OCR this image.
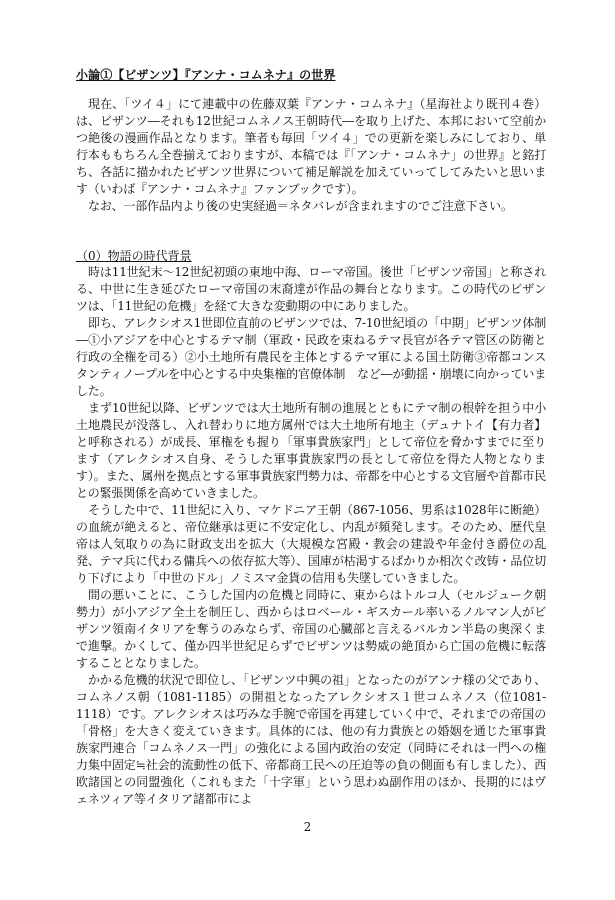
小論①【ビザンツ】『アンナ・コムネナ』の世界

現在、「ツイ４」にて連載中の佐藤双葉『アンナ・コムネナ』（星海社より既刊４巻）は、ビザンツ―それも12世紀コムネノス王朝時代―を取り上げた、本邦において空前かつ絶後の漫画作品となります。筆者も毎回「ツイ４」での更新を楽しみにしており、単行本ももちろん全巻揃えておりますが、本稿では『「アンナ・コムネナ」の世界』と銘打ち、各話に描かれたビザンツ世界について補足解説を加えていってしてみたいと思います（いわば『アンナ・コムネナ』ファンブックです）。

なお、一部作品内より後の史実経過＝ネタバレが含まれますのでご注意下さい。

（0）物語の時代背景

時は11世紀末〜12世紀初頭の東地中海、ローマ帝国。後世「ビザンツ帝国」と称される、中世に生き延びたローマ帝国の末裔達が作品の舞台となります。この時代のビザンツは、「11世紀の危機」を経て大きな変動期の中にありました。

即ち、アレクシオス1世即位直前のビザンツでは、7-10世紀頃の「中期」ビザンツ体制―①小アジアを中心とするテマ制（軍政・民政を束ねるテマ長官が各テマ管区の防衛と行政の全権を司る）②小土地所有農民を主体とするテマ軍による国土防衛③帝都コンスタンティノープルを中心とする中央集権的官僚体制　など―が動揺・崩壊に向かっていました。

まず10世紀以降、ビザンツでは大土地所有制の進展とともにテマ制の根幹を担う中小土地農民が没落し、入れ替わりに地方属州では大土地所有地主（デュナトイ【有力者】と呼称される）が成長、軍権をも握り「軍事貴族家門」として帝位を脅かすまでに至ります（アレクシオス自身、そうした軍事貴族家門の長として帝位を得た人物となります）。また、属州を拠点とする軍事貴族家門勢力は、帝都を中心とする文官層や首都市民との緊張関係を高めていきました。

そうした中で、11世紀に入り、マケドニア王朝（867-1056、男系は1028年に断絶）の血統が絶えると、帝位継承は更に不安定化し、内乱が頻発します。そのため、歴代皇帝は人気取りの為に財政支出を拡大（大規模な宮殿・教会の建設や年金付き爵位の乱発、テマ兵に代わる傭兵への依存拡大等）、国庫が枯渇するばかりか相次ぐ改铸・品位切り下げにより「中世のドル」ノミスマ金貨の信用も失墜していきました。

間の悪いことに、こうした国内の危機と同時に、東からはトルコ人（セルジューク朝勢力）が小アジア全土を制圧し、西からはロベール・ギスカール率いるノルマン人がビザンツ領南イタリアを奪うのみならず、帝国の心臓部と言えるバルカン半島の奥深くまで進撃。かくして、僅か四半世紀足らずでビザンツは勢威の絶頂から亡国の危機に転落することとなりました。

かかる危機的状況で即位し、「ビザンツ中興の祖」となったのがアンナ様の父であり、コムネノス朝（1081-1185）の開祖となったアレクシオス１世コムネノス（位1081-1118）です。アレクシオスは巧みな手腕で帝国を再建していく中で、それまでの帝国の「骨格」を大きく変えていきます。具体的には、他の有力貴族との婚姻を通じた軍事貴族家門連合「コムネノス一門」の強化による国内政治の安定（同時にそれは一門への権力集中固定≒社会的流動性の低下、帝都商工民への圧迫等の負の側面も有しました）、西欧諸国との同盟強化（これもまた「十字軍」という思わぬ副作用のほか、長期的にはヴェネツィア等イタリア諸都市によ

2
